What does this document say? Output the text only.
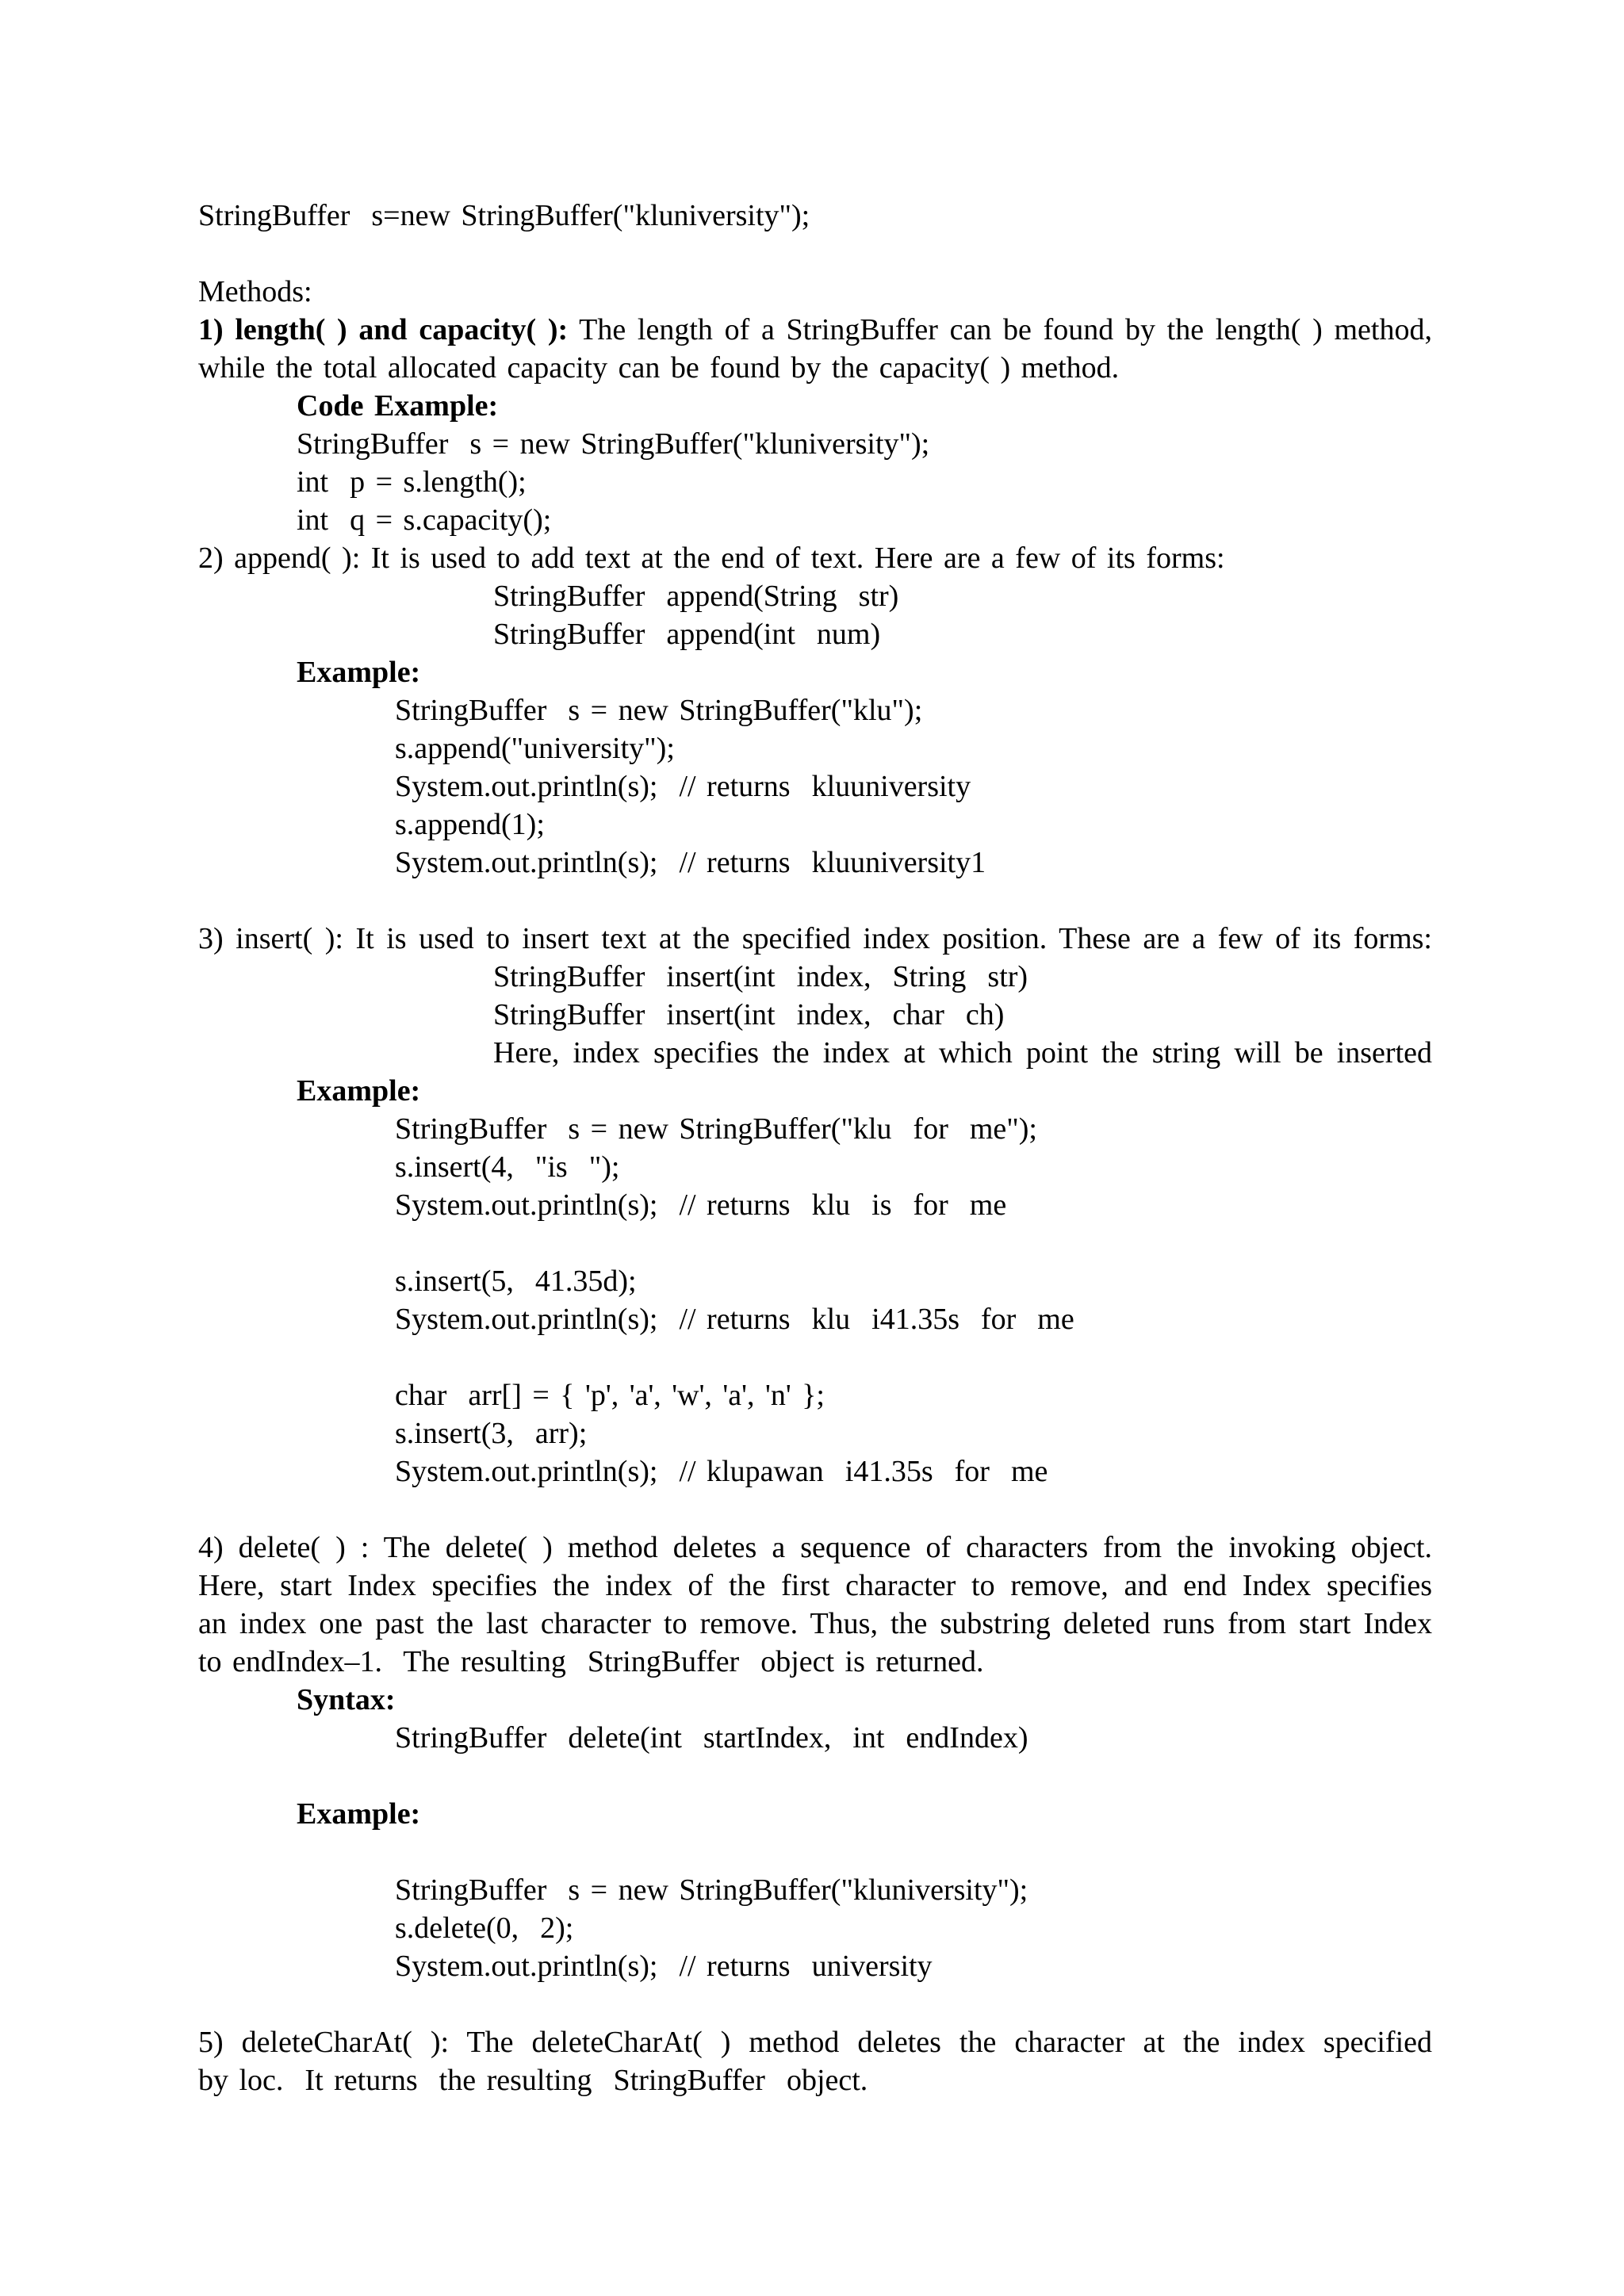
StringBuffer  s=new StringBuffer("kluniversity");
Methods:
1) length( ) and capacity( ): The length of a StringBuffer can be found by the length( ) method,
while the total allocated capacity can be found by the capacity( ) method.
Code Example:
StringBuffer  s = new StringBuffer("kluniversity");
int  p = s.length();
int  q = s.capacity();
2) append( ): It is used to add text at the end of text. Here are a few of its forms:
StringBuffer  append(String  str)
StringBuffer  append(int  num)
Example:
StringBuffer  s = new StringBuffer("klu");
s.append("university");
System.out.println(s);  // returns  kluuniversity
s.append(1);
System.out.println(s);  // returns  kluuniversity1
3) insert( ): It is used to insert text at the specified index position. These are a few of its forms:
StringBuffer  insert(int  index,  String  str)
StringBuffer  insert(int  index,  char  ch)
Here, index specifies the index at which point the string will be inserted
Example:
StringBuffer  s = new StringBuffer("klu  for  me");
s.insert(4,  "is  ");
System.out.println(s);  // returns  klu  is  for  me
s.insert(5,  41.35d);
System.out.println(s);  // returns  klu  i41.35s  for  me
char  arr[] = { 'p', 'a', 'w', 'a', 'n' };
s.insert(3,  arr);
System.out.println(s);  // klupawan  i41.35s  for  me
4) delete( ) : The delete( ) method deletes a sequence of characters from the invoking object.
Here, start Index specifies the index of the first character to remove, and end Index specifies
an index one past the last character to remove. Thus, the substring deleted runs from start Index
to endIndex–1.  The resulting  StringBuffer  object is returned.
Syntax:
StringBuffer  delete(int  startIndex,  int  endIndex)
Example:
StringBuffer  s = new StringBuffer("kluniversity");
s.delete(0,  2);
System.out.println(s);  // returns  university
5) deleteCharAt( ): The deleteCharAt( ) method deletes the character at the index specified
by loc.  It returns  the resulting  StringBuffer  object.
